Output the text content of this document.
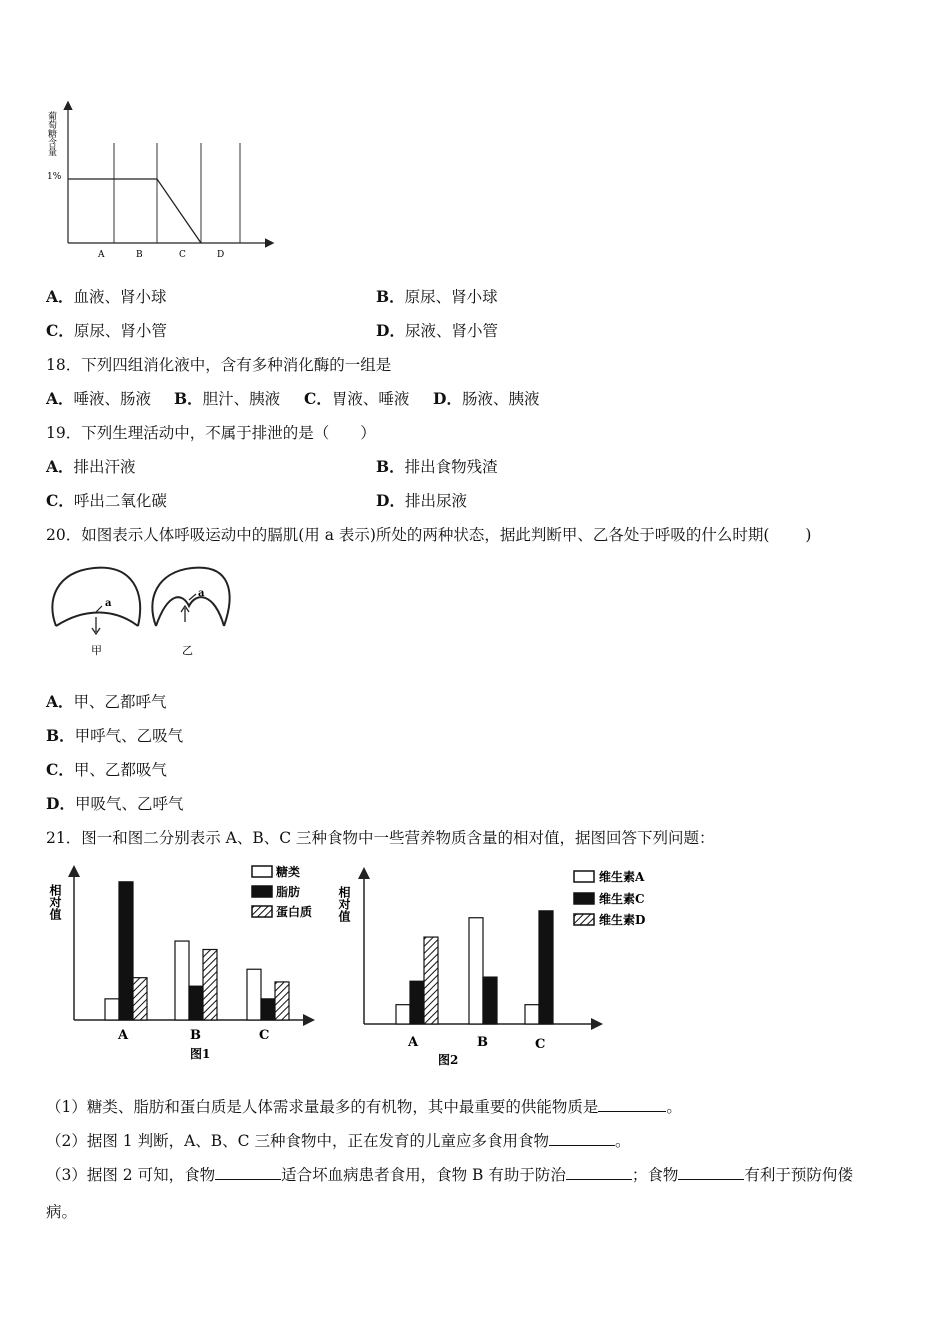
葡萄糖含量
1%
A	B	C	D
A．血液、肾小球	B．原尿、肾小球
C．原尿、肾小管	D．尿液、肾小管
18．下列四组消化液中，含有多种消化酶的一组是
A．唾液、肠液 B．胆汁、胰液 C．胃液、唾液 D．肠液、胰液
19．下列生理活动中，不属于排泄的是（　　）
A．排出汗液	B．排出食物残渣
C．呼出二氧化碳	D．排出尿液
20．如图表示人体呼吸运动中的膈肌(用 a 表示)所处的两种状态，据此判断甲、乙各处于呼吸的什么时期(　　 )
a
甲
a
乙
A．甲、乙都呼气
B．甲呼气、乙吸气
C．甲、乙都吸气
D．甲吸气、乙呼气
21．图一和图二分别表示 A、B、C 三种食物中一些营养物质含量的相对值，据图回答下列问题：
相对值
A	B	C
图1
糖类
脂肪
蛋白质 相对值
A	B	C
图2
维生素A
维生素C
维生素D
（1）糖类、脂肪和蛋白质是人体需求量最多的有机物，其中最重要的供能物质是	。
（2）据图 1 判断，A、B、C 三种食物中，正在发育的儿童应多食用食物	。
（3）据图 2 可知，食物	适合坏血病患者食用，食物 B 有助于防治	；食物	有利于预防佝偻
病。
